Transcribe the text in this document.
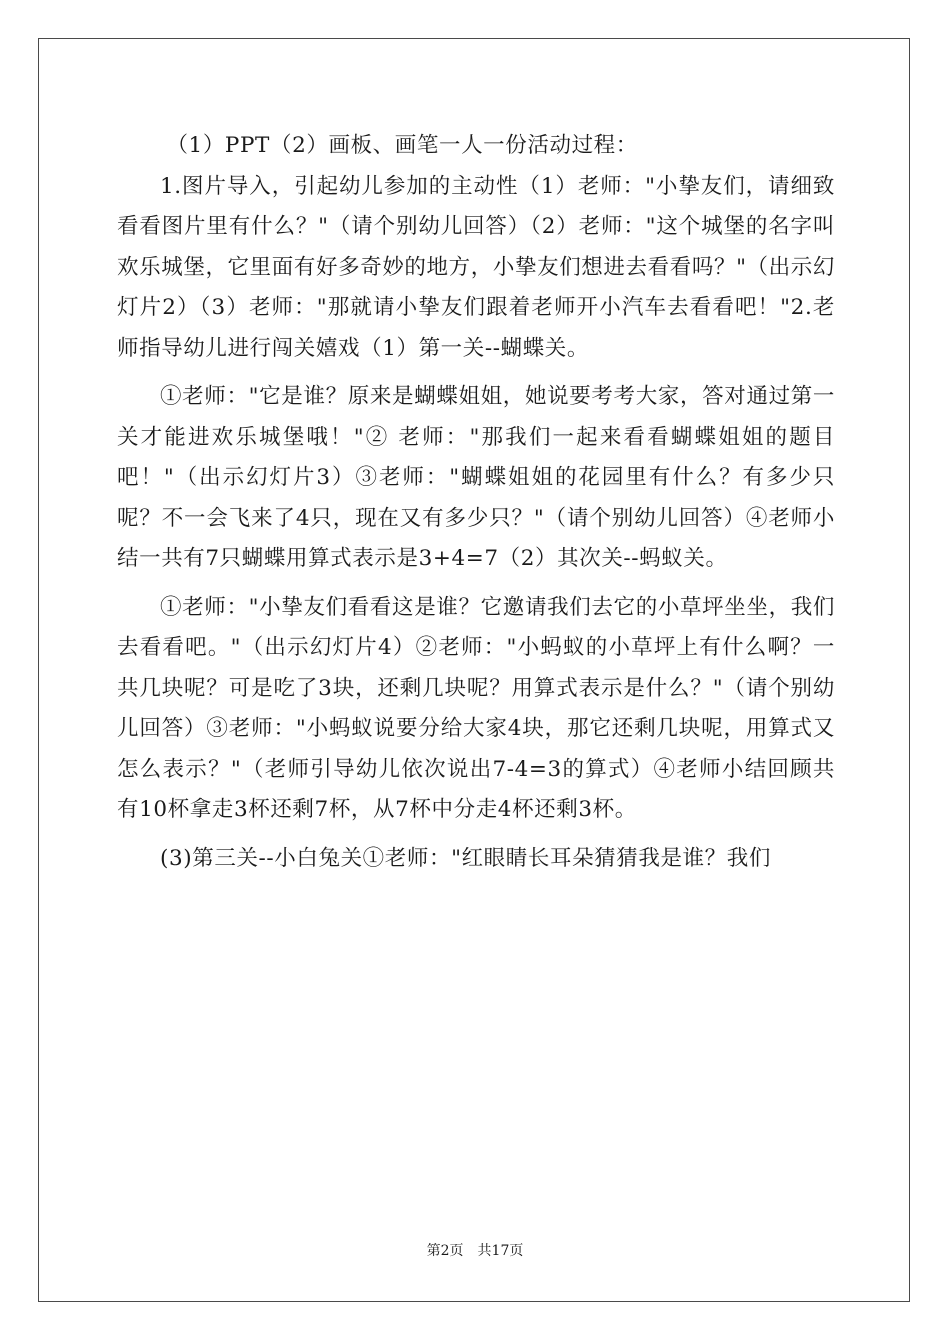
（1）PPT（2）画板、画笔一人一份活动过程：

1.图片导入，引起幼儿参加的主动性（1）老师："小挚友们，请细致看看图片里有什么？"（请个别幼儿回答）（2）老师："这个城堡的名字叫欢乐城堡，它里面有好多奇妙的地方，小挚友们想进去看看吗？"（出示幻灯片2）（3）老师："那就请小挚友们跟着老师开小汽车去看看吧！"2.老师指导幼儿进行闯关嬉戏（1）第一关--蝴蝶关。

①老师："它是谁？原来是蝴蝶姐姐，她说要考考大家，答对通过第一关才能进欢乐城堡哦！"② 老师："那我们一起来看看蝴蝶姐姐的题目吧！"（出示幻灯片3）③老师："蝴蝶姐姐的花园里有什么？有多少只呢？不一会飞来了4只，现在又有多少只？"（请个别幼儿回答）④老师小结一共有7只蝴蝶用算式表示是3+4=7（2）其次关--蚂蚁关。

①老师："小挚友们看看这是谁？它邀请我们去它的小草坪坐坐，我们去看看吧。"（出示幻灯片4）②老师："小蚂蚁的小草坪上有什么啊？一共几块呢？可是吃了3块，还剩几块呢？用算式表示是什么？"（请个别幼儿回答）③老师："小蚂蚁说要分给大家4块，那它还剩几块呢，用算式又怎么表示？"（老师引导幼儿依次说出7-4=3的算式）④老师小结回顾共有10杯拿走3杯还剩7杯，从7杯中分走4杯还剩3杯。

(3)第三关--小白兔关①老师："红眼睛长耳朵猜猜我是谁？我们

第2页　共17页
